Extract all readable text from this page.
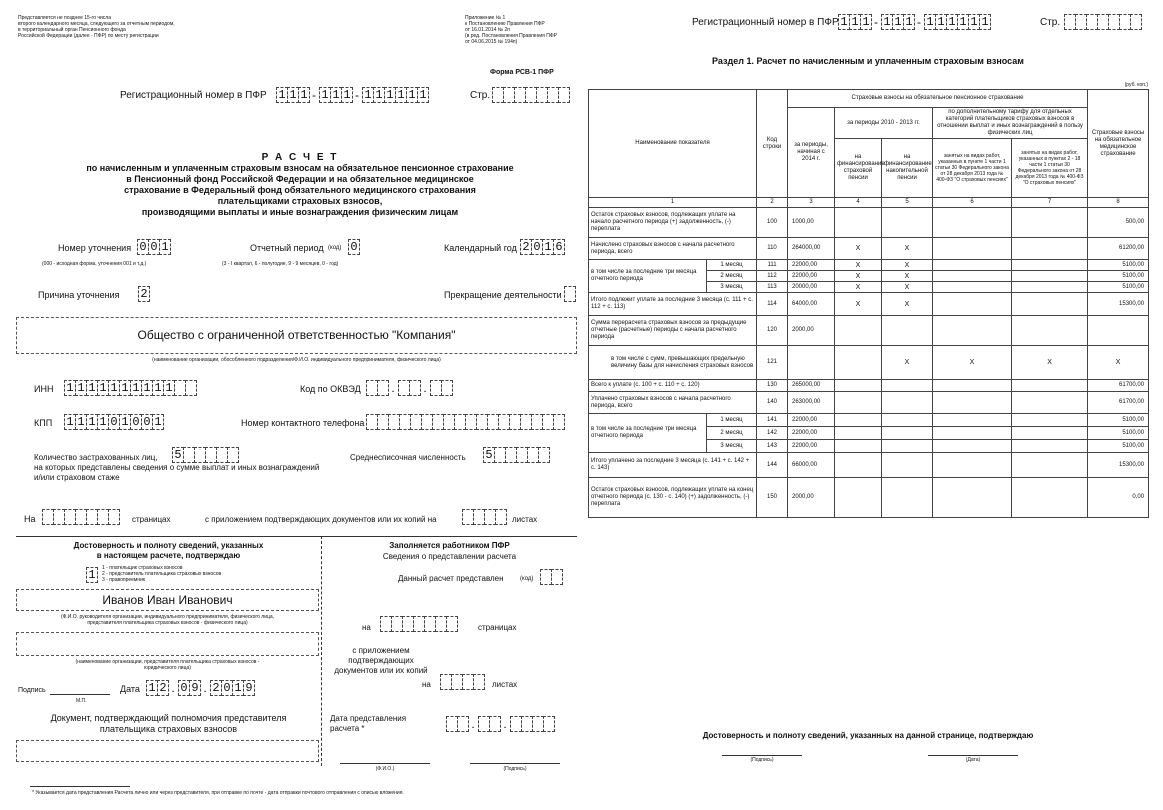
Представляется не позднее 15-го числа
второго календарного месяца, следующего за отчетным периодом,
в территориальный орган Пенсионного фонда
Российской Федерации (далее - ПФР) по месту регистрации
Приложение № 1
к Постановлению Правления ПФР
от 16.01.2014 № 2п
(в ред. Постановления Правления ПФР
от 04.06.2015 № 194п)
Форма РСВ-1 ПФР
Регистрационный номер в ПФР 1 1 1 - 1 1 1 - 1 1 1 1 1 1	Стр.
Р А С Ч Е Т
по начисленным и уплаченным страховым взносам на обязательное пенсионное страхование
в Пенсионный фонд Российской Федерации и на обязательное медицинское
страхование в Федеральный фонд обязательного медицинского страхования
плательщиками страховых взносов,
производящими выплаты и иные вознаграждения физическим лицам
Номер уточнения 0 0 1
(000 - исходная форма, уточнения 001 и т.д.)
Отчетный период (код) 0
(3 - I квартал, 6 - полугодие, 9 - 9 месяцев, 0 - год)
Календарный год 2 0 1 6
Причина уточнения 2	Прекращение деятельности
Общество с ограниченной ответственностью "Компания"
(наименование организации, обособленного подразделения/Ф.И.О. индивидуального предпринимателя, физического лица)
ИНН 1 1 1 1 1 1 1 1 1 1	Код по ОКВЭД	. .
КПП 1 1 1 1 0 1 0 0 1	Номер контактного телефона
Количество застрахованных лиц,
на которых представлены сведения о сумме выплат и иных вознаграждений
и/или страховом стаже
5	Среднесписочная численность 5
На	страницах	с приложением подтверждающих документов или их копий на	листах
Достоверность и полноту сведений, указанных
в настоящем расчете, подтверждаю
1	1 - плательщик страховых взносов
2 - представитель плательщика страховых взносов
3 - правопреемник
Иванов Иван Иванович
(Ф.И.О. руководителя организации, индивидуального предпринимателя, физического лица,
представителя плательщика страховых взносов - физического лица)
(наименование организации, представителя плательщика страховых взносов -
юридического лица)
Подпись
М.П.
Дата 1 2 . 0 9 . 2 0 1 9
Документ, подтверждающий полномочия представителя
плательщика страховых взносов
Заполняется работником ПФР
Сведения о представлении расчета
Данный расчет представлен	(код)
на	страницах
с приложением
подтверждающих
документов или их копий
на	листах
Дата представления
расчета *	. .
(Ф.И.О.)	(Подпись)
* Указывается дата представления Расчета лично или через представителя, при отправке по почте - дата отправки почтового отправления с описью вложения.
Регистрационный номер в ПФР 1 1 1 - 1 1 1 - 1 1 1 1 1 1	Стр.
Раздел 1. Расчет по начисленным и уплаченным страховым взносам
(руб. коп.)
Наименование показателя		Код строки	Страховые взносы на обязательное пенсионное страхование					Страховые взносы на обязательное медицинское страхование
			за периоды, начиная с 2014 г.	за периоды 2010 - 2013 гг.		по дополнительному тарифу для отдельных категорий плательщиков страховых взносов в отношении выплат и иных вознаграждений в пользу физических лиц		
				на финансирование страховой пенсии	на финансирование накопительной пенсии	занятых на видах работ, указанных в пункте 1 части 1 статьи 30 Федерального закона от 28 декабря 2013 года № 400-ФЗ "О страховых пенсиях"	занятых на видах работ, указанных в пунктах 2 - 18 части 1 статьи 30 Федерального закона от 28 декабря 2013 года № 400-ФЗ "О страховых пенсиях"	

1		2	3	4	5	6	7	8
Остаток страховых взносов, подлежащих уплате на начало расчетного периода (+) задолженность, (-) переплата		100	1000,00					500,00
Начислено страховых взносов с начала расчетного периода, всего		110	264000,00	X	X			61200,00
в том числе за последние три месяца отчетного периода	1 месяц	111	22000,00	X	X			5100,00
	2 месяц	112	22000,00	X	X			5100,00
	3 месяц	113	20000,00	X	X			5100,00
Итого подлежит уплате за последние 3 месяца (с. 111 + с. 112 + с. 113)		114	64000,00	X	X			15300,00
Сумма перерасчета страховых взносов за предыдущие отчетные (расчетные) периоды с начала расчетного периода		120	2000,00					
в том числе с сумм, превышающих предельную величину базы для начисления страховых взносов		121			X	X	X	X
Всего к уплате (с. 100 + с. 110 + с. 120)		130	265000,00					61700,00
Уплачено страховых взносов с начала расчетного периода, всего		140	263000,00					61700,00
в том числе за последние три месяца отчетного периода	1 месяц	141	22000,00					5100,00
	2 месяц	142	22000,00					5100,00
	3 месяц	143	22000,00					5100,00
Итого уплачено за последние 3 месяца (с. 141 + с. 142 + с. 143)		144	66000,00					15300,00
Остаток страховых взносов, подлежащих уплате на конец отчетного периода (с. 130 - с. 140) (+) задолженность, (-) переплата		150	2000,00					0,00
Достоверность и полноту сведений, указанных на данной странице, подтверждаю
(Подпись)	(Дата)
